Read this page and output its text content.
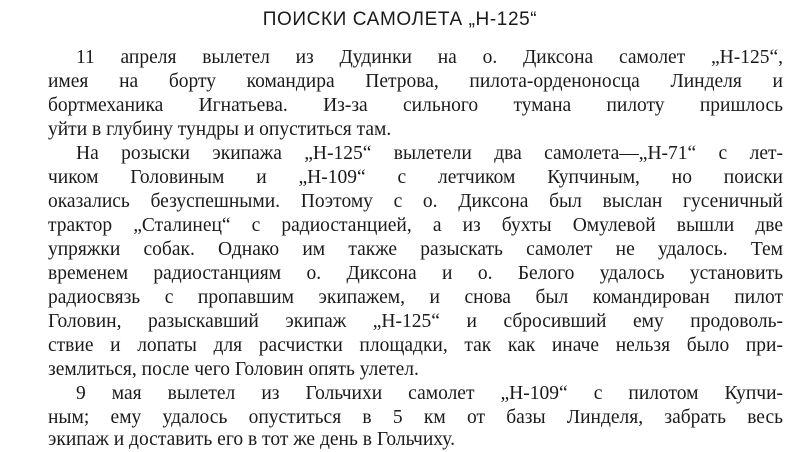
ПОИСКИ САМОЛЕТА „Н-125“
11 апреля вылетел из Дудинки на о. Диксона самолет „Н-125“,
имея на борту командира Петрова, пилота-орденоносца Линделя и
бортмеханика Игнатьева. Из-за сильного тумана пилоту пришлось
уйти в глубину тундры и опуститься там.
На розыски экипажа „Н-125“ вылетели два самолета—„Н-71“ с лет-
чиком Головиным и „Н-109“ с летчиком Купчиным, но поиски
оказались безуспешными. Поэтому с о. Диксона был выслан гусеничный
трактор „Сталинец“ с радиостанцией, а из бухты Омулевой вышли две
упряжки собак. Однако им также разыскать самолет не удалось. Тем
временем радиостанциям о. Диксона и о. Белого удалось установить
радиосвязь с пропавшим экипажем, и снова был командирован пилот
Головин, разыскавший экипаж „Н-125“ и сбросивший ему продоволь-
ствие и лопаты для расчистки площадки, так как иначе нельзя было при-
землиться, после чего Головин опять улетел.
9 мая вылетел из Гольчихи самолет „Н-109“ с пилотом Купчи-
ным; ему удалось опуститься в 5 км от базы Линделя, забрать весь
экипаж и доставить его в тот же день в Гольчиху.
